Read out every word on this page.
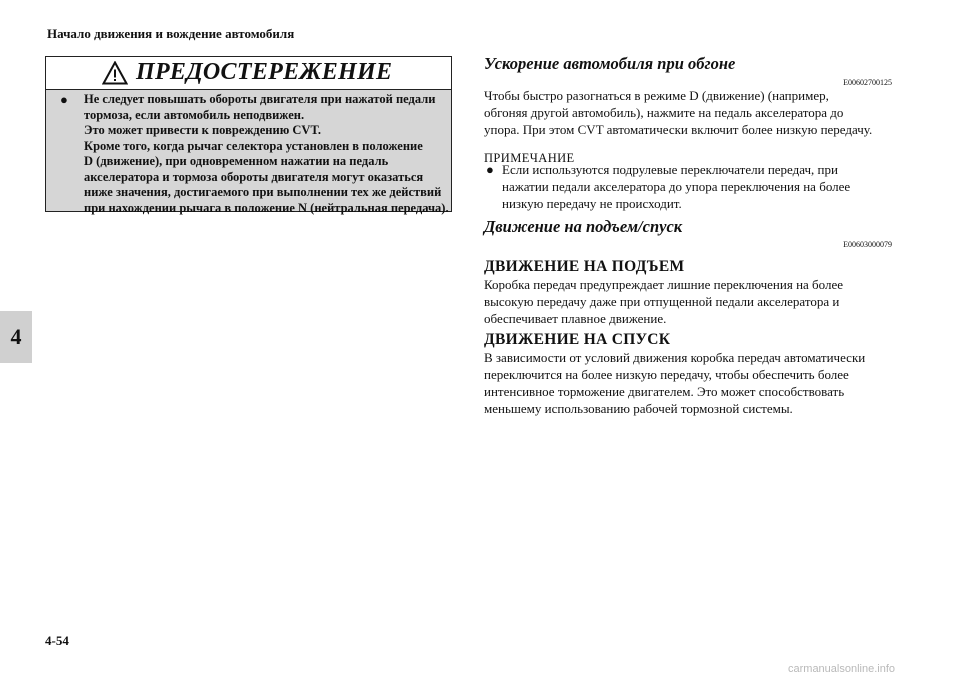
Начало движения и вождение автомобиля
4
ПРЕДОСТЕРЕЖЕНИЕ
●	Не следует повышать обороты двигателя при нажатой педали
тормоза, если автомобиль неподвижен.
Это может привести к повреждению CVT.
Кроме того, когда рычаг селектора установлен в положение
D (движение), при одновременном нажатии на педаль
акселератора и тормоза обороты двигателя могут оказаться
ниже значения, достигаемого при выполнении тех же действий
при нахождении рычага в положение N (нейтральная передача).
Ускорение автомобиля при обгоне
E00602700125
Чтобы быстро разогнаться в режиме D (движение) (например,
обгоняя другой автомобиль), нажмите на педаль акселератора до
упора. При этом CVT автоматически включит более низкую передачу.
ПРИМЕЧАНИЕ
● Если используются подрулевые переключатели передач, при
нажатии педали акселератора до упора переключения на более
низкую передачу не происходит.
Движение на подъем/спуск
E00603000079
ДВИЖЕНИЕ НА ПОДЪЕМ
Коробка передач предупреждает лишние переключения на более
высокую передачу даже при отпущенной педали акселератора и
обеспечивает плавное движение.
ДВИЖЕНИЕ НА СПУСК
В зависимости от условий движения коробка передач автоматически
переключится на более низкую передачу, чтобы обеспечить более
интенсивное торможение двигателем. Это может способствовать
меньшему использованию рабочей тормозной системы.
4-54
carmanualsonline.info
